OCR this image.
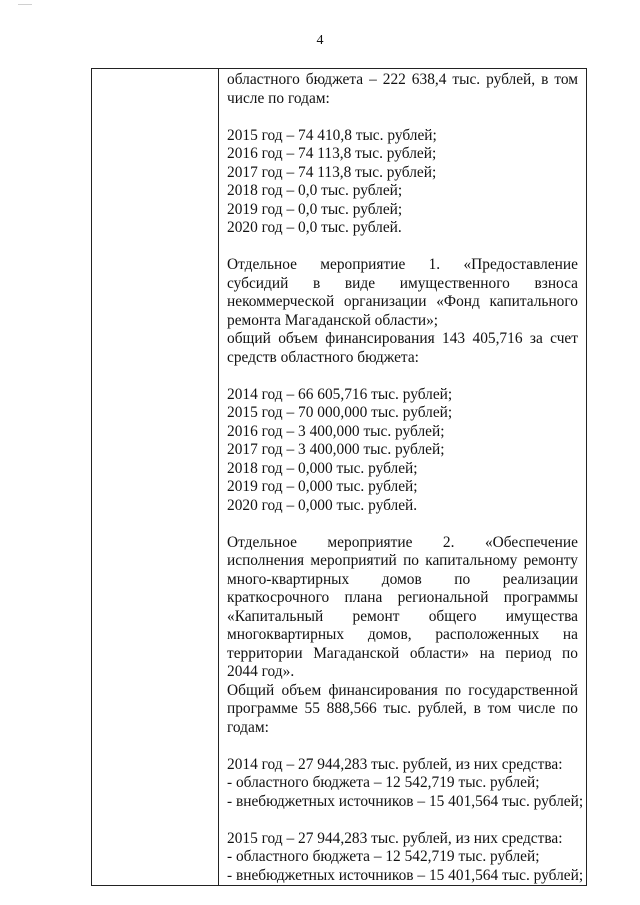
4

областного бюджета – 222 638,4 тыс. рублей, в том числе по годам:

2015 год – 74 410,8 тыс. рублей;

2016 год – 74 113,8 тыс. рублей;

2017 год – 74 113,8 тыс. рублей;

2018 год – 0,0 тыс. рублей;

2019 год – 0,0 тыс. рублей;

2020 год – 0,0 тыс. рублей.

Отдельное мероприятие 1. «Предоставление субсидий в виде имущественного взноса некоммерческой организации «Фонд капитального ремонта Магаданской области»;

общий объем финансирования 143 405,716 за счет средств областного бюджета:

2014 год – 66 605,716 тыс. рублей;

2015 год – 70 000,000 тыс. рублей;

2016 год – 3 400,000 тыс. рублей;

2017 год – 3 400,000 тыс. рублей;

2018 год – 0,000 тыс. рублей;

2019 год – 0,000 тыс. рублей;

2020 год – 0,000 тыс. рублей.

Отдельное мероприятие 2. «Обеспечение исполнения мероприятий по капитальному ремонту много-квартирных домов по реализации краткосрочного плана региональной программы «Капитальный ремонт общего имущества многоквартирных домов, расположенных на территории Магаданской области» на период по 2044 год».

Общий объем финансирования по государственной программе 55 888,566 тыс. рублей, в том числе по годам:

2014 год – 27 944,283 тыс. рублей, из них средства:

- областного бюджета – 12 542,719 тыс. рублей;

- внебюджетных источников – 15 401,564 тыс. рублей;

2015 год – 27 944,283 тыс. рублей, из них средства:

- областного бюджета – 12 542,719 тыс. рублей;

- внебюджетных источников – 15 401,564 тыс. рублей;
